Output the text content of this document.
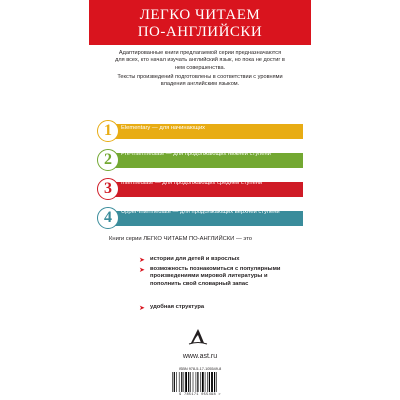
ЛЕГКО ЧИТАЕМ
ПО-АНГЛИЙСКИ

Адаптированные книги предлагаемой серии предназначаются для всех, кто начал изучать английский язык, но пока не достиг в нем совершенства.

Тексты произведений подготовлены в соответствии с уровнями владения английским языком.

1	Elementary — для начинающих
2	Pre-Intermediate — для продолжающих нижней ступени
3	Intermediate — для продолжающих средней ступени
4	Upper-Intermediate — для продолжающих верхней ступени
Книги серии ЛЕГКО ЧИТАЕМ ПО-АНГЛИЙСКИ — это
➤ истории для детей и взрослых
➤ возможность познакомиться с популярными произведениями мировой литературы и пополнить свой словарный запас
➤ удобная структура
www.ast.ru
ISBN 978-5-17-105549-8
9 785171 055498 >
